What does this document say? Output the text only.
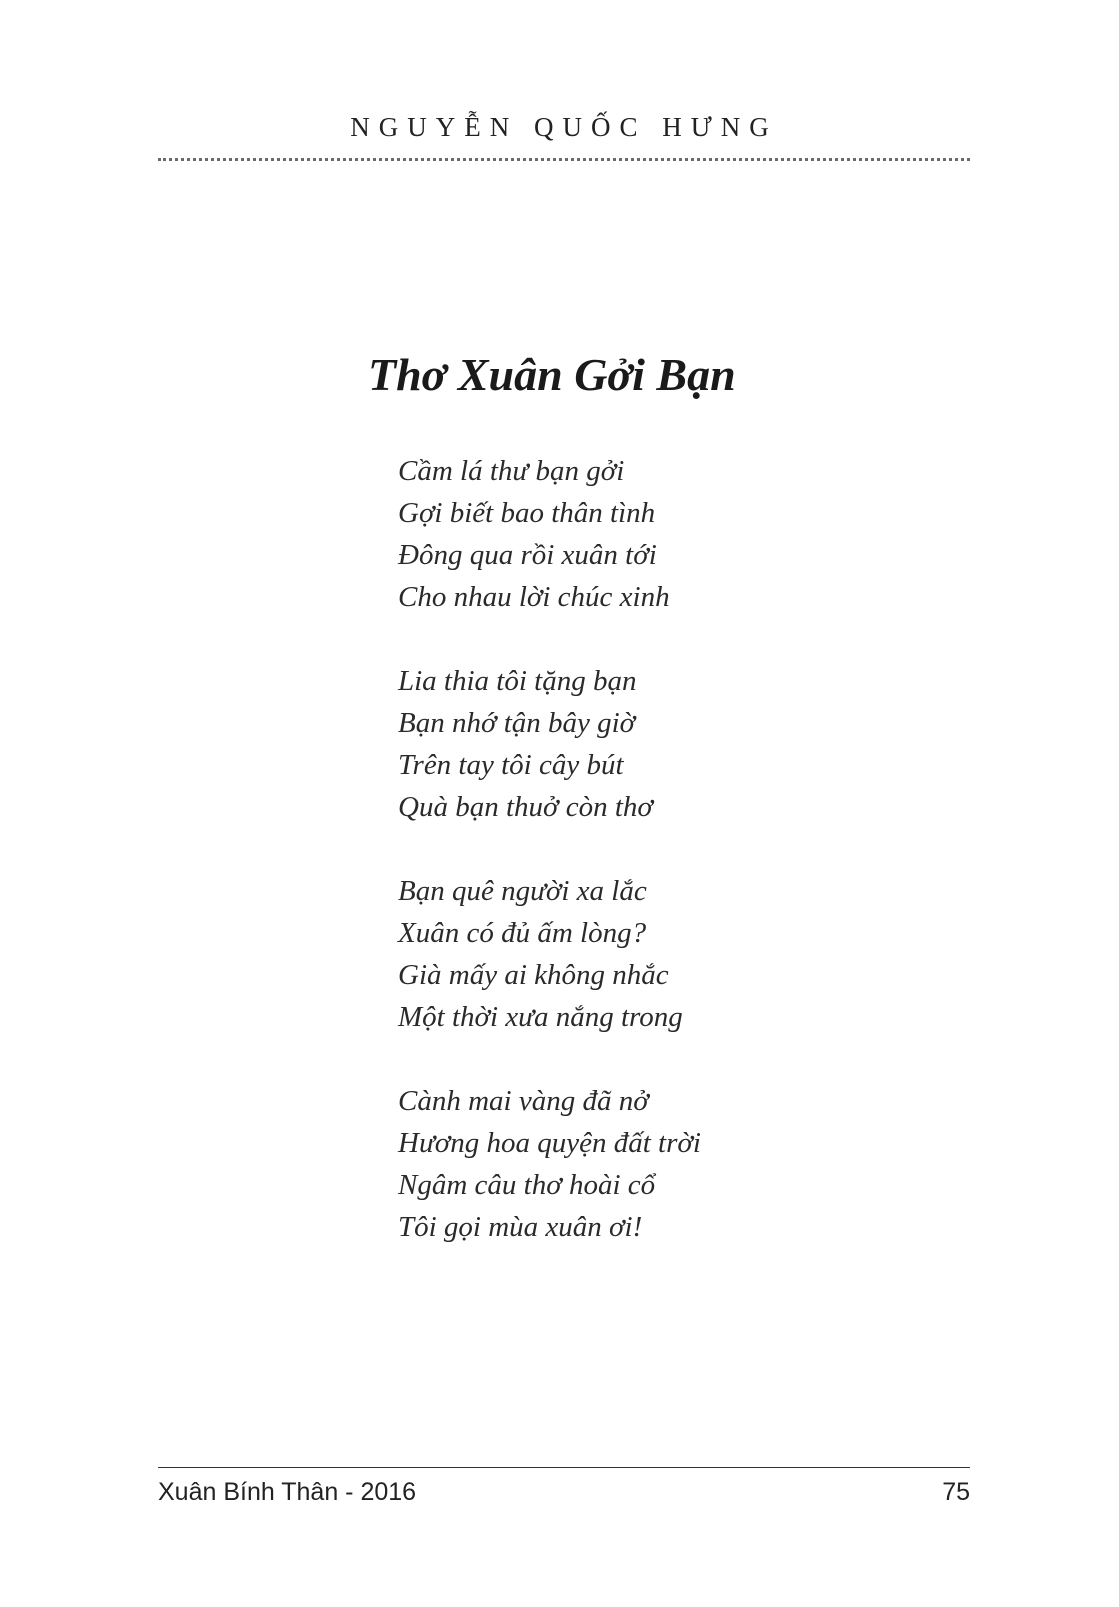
NGUYỄN QUỐC HƯNG
Thơ Xuân Gởi Bạn
Cầm lá thư bạn gởi
Gợi biết bao thân tình
Đông qua rồi xuân tới
Cho nhau lời chúc xinh
Lia thia tôi tặng bạn
Bạn nhớ tận bây giờ
Trên tay tôi cây bút
Quà bạn thuở còn thơ
Bạn quê người xa lắc
Xuân có đủ ấm lòng?
Già mấy ai không nhắc
Một thời xưa nắng trong
Cành mai vàng đã nở
Hương hoa quyện đất trời
Ngâm câu thơ hoài cổ
Tôi gọi mùa xuân ơi!
Xuân Bính Thân - 2016	75
